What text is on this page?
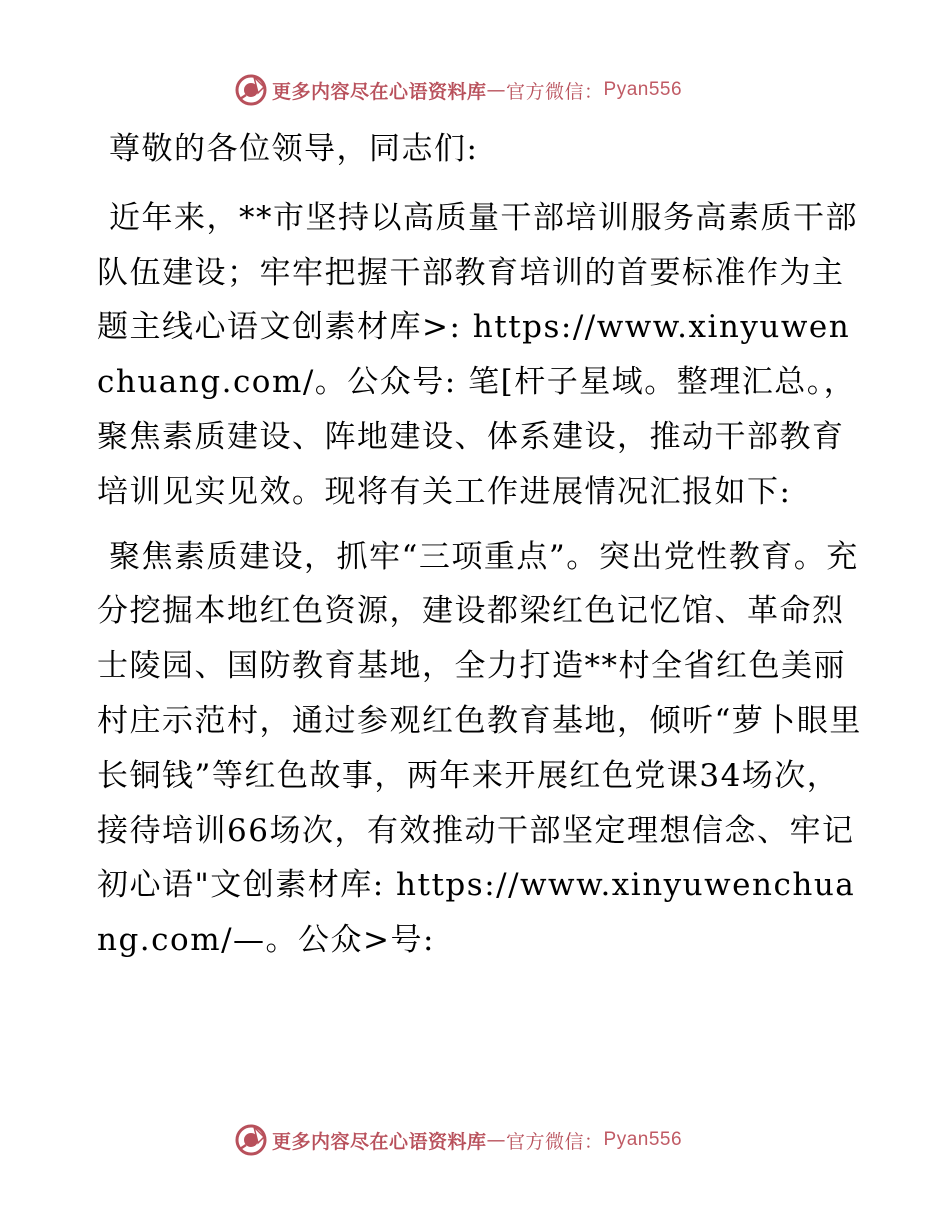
更多内容尽在心语资料库 — 官方微信： Pyan556

尊敬的各位领导，同志们:

近年来，**市坚持以高质量干部培训服务高素质干部队伍建设；牢牢把握干部教育培训的首要标准作为主题主线心语文创素材库>: https://www.xinyuwenchuang.com/。公众号: 笔[杆子星域。整理汇总。，聚焦素质建设、阵地建设、体系建设，推动干部教育培训见实见效。现将有关工作进展情况汇报如下:

聚焦素质建设，抓牢“三项重点”。突出党性教育。充分挖掘本地红色资源，建设都梁红色记忆馆、革命烈士陵园、国防教育基地，全力打造**村全省红色美丽村庄示范村，通过参观红色教育基地，倾听“萝卜眼里长铜钱”等红色故事，两年来开展红色党课34场次，接待培训66场次，有效推动干部坚定理想信念、牢记初心语"文创素材库: https://www.xinyuwenchuang.com/—。公众>号:

更多内容尽在心语资料库 — 官方微信： Pyan556
